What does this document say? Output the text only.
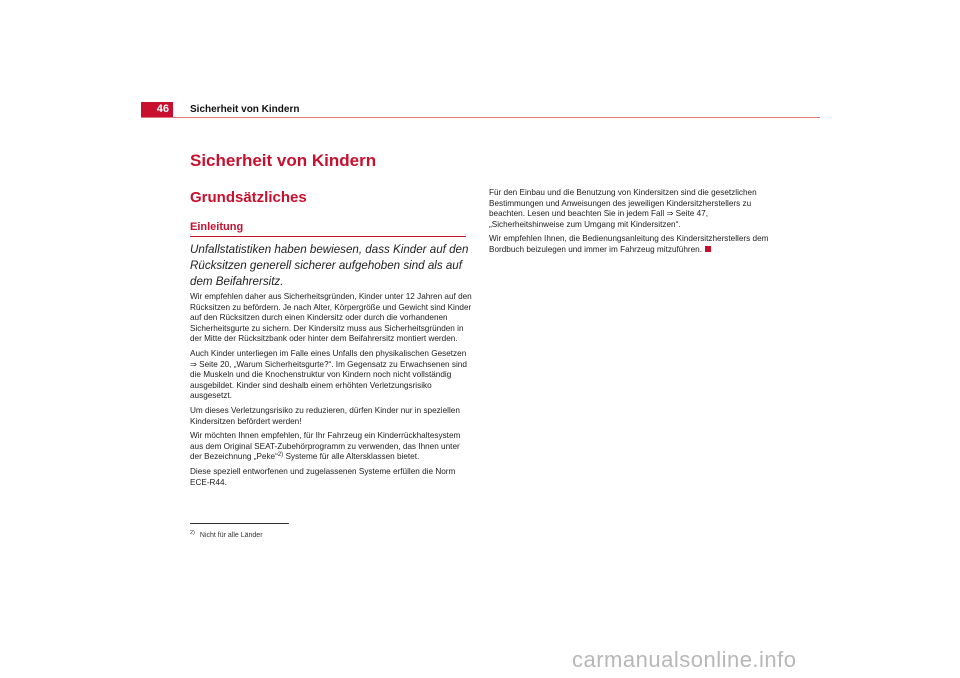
46	Sicherheit von Kindern
Sicherheit von Kindern
Grundsätzliches
Einleitung
Unfallstatistiken haben bewiesen, dass Kinder auf den Rücksitzen generell sicherer aufgehoben sind als auf dem Beifahrersitz.

Wir empfehlen daher aus Sicherheitsgründen, Kinder unter 12 Jahren auf den Rücksitzen zu befördern. Je nach Alter, Körpergröße und Gewicht sind Kinder auf den Rücksitzen durch einen Kindersitz oder durch die vorhandenen Sicherheitsgurte zu sichern. Der Kindersitz muss aus Sicherheitsgründen in der Mitte der Rücksitzbank oder hinter dem Beifahrersitz montiert werden.

Auch Kinder unterliegen im Falle eines Unfalls den physikalischen Gesetzen ⇒ Seite 20, „Warum Sicherheitsgurte?“. Im Gegensatz zu Erwachsenen sind die Muskeln und die Knochenstruktur von Kindern noch nicht vollständig ausgebildet. Kinder sind deshalb einem erhöhten Verletzungsrisiko ausgesetzt.

Um dieses Verletzungsrisiko zu reduzieren, dürfen Kinder nur in speziellen Kindersitzen befördert werden!

Wir möchten Ihnen empfehlen, für Ihr Fahrzeug ein Kinderrückhaltesystem aus dem Original SEAT-Zubehörprogramm zu verwenden, das Ihnen unter der Bezeichnung „Peke“$^{2)}$ Systeme für alle Altersklassen bietet.

Diese speziell entworfenen und zugelassenen Systeme erfüllen die Norm ECE-R44.

Für den Einbau und die Benutzung von Kindersitzen sind die gesetzlichen Bestimmungen und Anweisungen des jeweiligen Kindersitzherstellers zu beachten. Lesen und beachten Sie in jedem Fall ⇒ Seite 47, „Sicherheitshinweise zum Umgang mit Kindersitzen“.

Wir empfehlen Ihnen, die Bedienungsanleitung des Kindersitzherstellers dem Bordbuch beizulegen und immer im Fahrzeug mitzuführen.

$^{2)}$ Nicht für alle Länder
carmanualsonline.info
